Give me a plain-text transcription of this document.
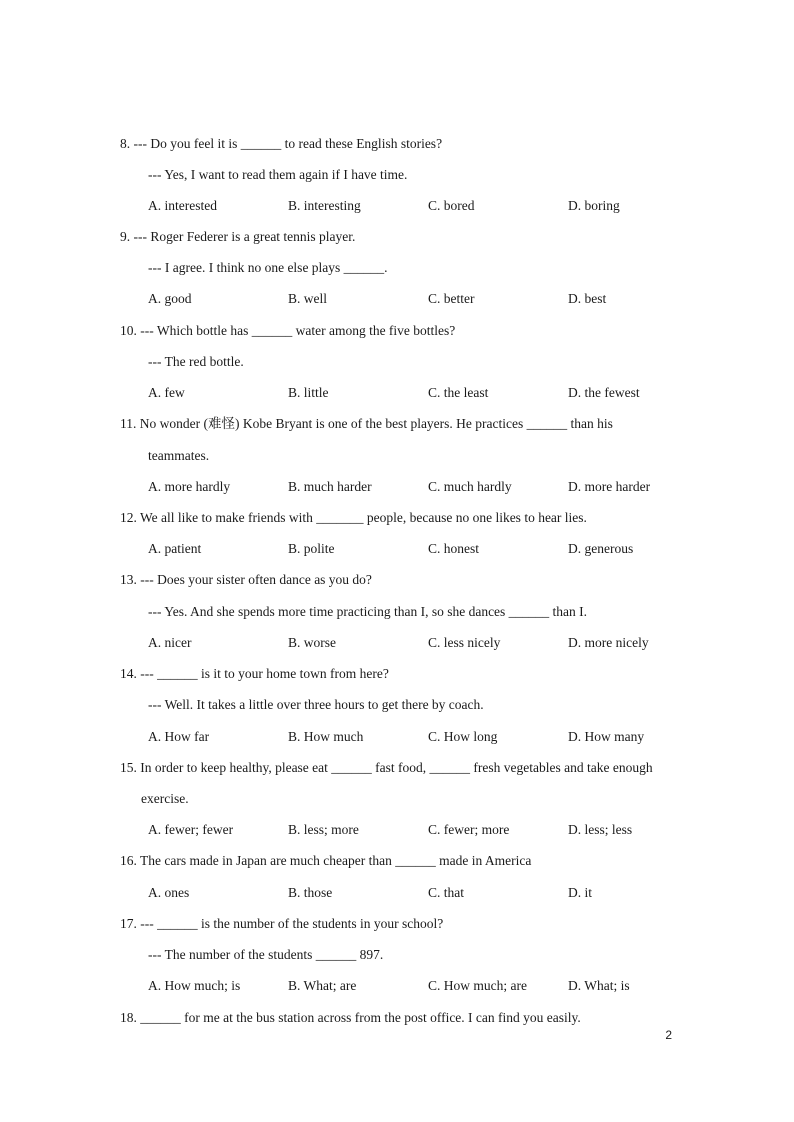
8. --- Do you feel it is ______ to read these English stories?
--- Yes, I want to read them again if I have time.
A. interested	B. interesting	C. bored	D. boring
9. --- Roger Federer is a great tennis player.
--- I agree. I think no one else plays ______.
A. good	B. well	C. better	D. best
10. --- Which bottle has ______ water among the five bottles?
--- The red bottle.
A. few	B. little	C. the least	D. the fewest
11. No wonder (难怪) Kobe Bryant is one of the best players. He practices ______ than his
teammates.
A. more hardly	B. much harder	C. much hardly	D. more harder
12. We all like to make friends with _______ people, because no one likes to hear lies.
A. patient	B. polite	C. honest	D. generous
13. --- Does your sister often dance as you do?
--- Yes. And she spends more time practicing than I, so she dances ______ than I.
A. nicer	B. worse	C. less nicely	D. more nicely
14. --- ______ is it to your home town from here?
--- Well. It takes a little over three hours to get there by coach.
A. How far	B. How much	C. How long	D. How many
15. In order to keep healthy, please eat ______ fast food, ______ fresh vegetables and take enough
exercise.
A. fewer; fewer	B. less; more	C. fewer; more	D. less; less
16. The cars made in Japan are much cheaper than ______ made in America
A. ones	B. those	C. that	D. it
17. --- ______ is the number of the students in your school?
--- The number of the students ______ 897.
A. How much; is	B. What; are	C. How much; are	D. What; is
18. ______ for me at the bus station across from the post office. I can find you easily.
2
